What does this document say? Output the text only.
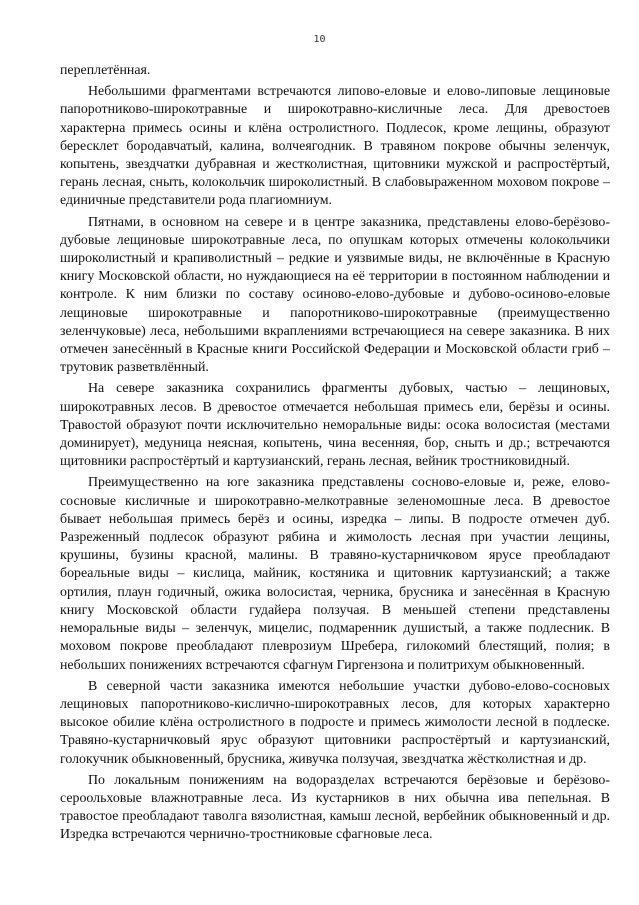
10

переплетённая.

Небольшими фрагментами встречаются липово-еловые и елово-липовые лещиновые папоротниково-широкотравные и широкотравно-кисличные леса. Для древостоев характерна примесь осины и клёна остролистного. Подлесок, кроме лещины, образуют бересклет бородавчатый, калина, волчеягодник. В травяном покрове обычны зеленчук, копытень, звездчатки дубравная и жестколистная, щитовники мужской и распростёртый, герань лесная, сныть, колокольчик широколистный. В слабовыраженном моховом покрове – единичные представители рода плагиомниум.

Пятнами, в основном на севере и в центре заказника, представлены елово-берёзово-дубовые лещиновые широкотравные леса, по опушкам которых отмечены колокольчики широколистный и крапиволистный – редкие и уязвимые виды, не включённые в Красную книгу Московской области, но нуждающиеся на её территории в постоянном наблюдении и контроле. К ним близки по составу осиново-елово-дубовые и дубово-осиново-еловые лещиновые широкотравные и папоротниково-широкотравные (преимущественно зеленчуковые) леса, небольшими вкраплениями встречающиеся на севере заказника. В них отмечен занесённый в Красные книги Российской Федерации и Московской области гриб – трутовик разветвлённый.

На севере заказника сохранились фрагменты дубовых, частью – лещиновых, широкотравных лесов. В древостое отмечается небольшая примесь ели, берёзы и осины. Травостой образуют почти исключительно неморальные виды: осока волосистая (местами доминирует), медуница неясная, копытень, чина весенняя, бор, сныть и др.; встречаются щитовники распростёртый и картузианский, герань лесная, вейник тростниковидный.

Преимущественно на юге заказника представлены сосново-еловые и, реже, елово-сосновые кисличные и широкотравно-мелкотравные зеленомошные леса. В древостое бывает небольшая примесь берёз и осины, изредка – липы. В подросте отмечен дуб. Разреженный подлесок образуют рябина и жимолость лесная при участии лещины, крушины, бузины красной, малины. В травяно-кустарничковом ярусе преобладают бореальные виды – кислица, майник, костяника и щитовник картузианский; а также ортилия, плаун годичный, ожика волосистая, черника, брусника и занесённая в Красную книгу Московской области гудайера ползучая. В меньшей степени представлены неморальные виды – зеленчук, мицелис, подмаренник душистый, а также подлесник. В моховом покрове преобладают плеврозиум Шребера, гилокомий блестящий, полия; в небольших понижениях встречаются сфагнум Гиргензона и политрихум обыкновенный.

В северной части заказника имеются небольшие участки дубово-елово-сосновых лещиновых папоротниково-кислично-широкотравных лесов, для которых характерно высокое обилие клёна остролистного в подросте и примесь жимолости лесной в подлеске. Травяно-кустарничковый ярус образуют щитовники распростёртый и картузианский, голокучник обыкновенный, брусника, живучка ползучая, звездчатка жёстколистная и др.

По локальным понижениям на водоразделах встречаются берёзовые и берёзово-сероольховые влажнотравные леса. Из кустарников в них обычна ива пепельная. В травостое преобладают таволга вязолистная, камыш лесной, вербейник обыкновенный и др. Изредка встречаются чернично-тростниковые сфагновые леса.
